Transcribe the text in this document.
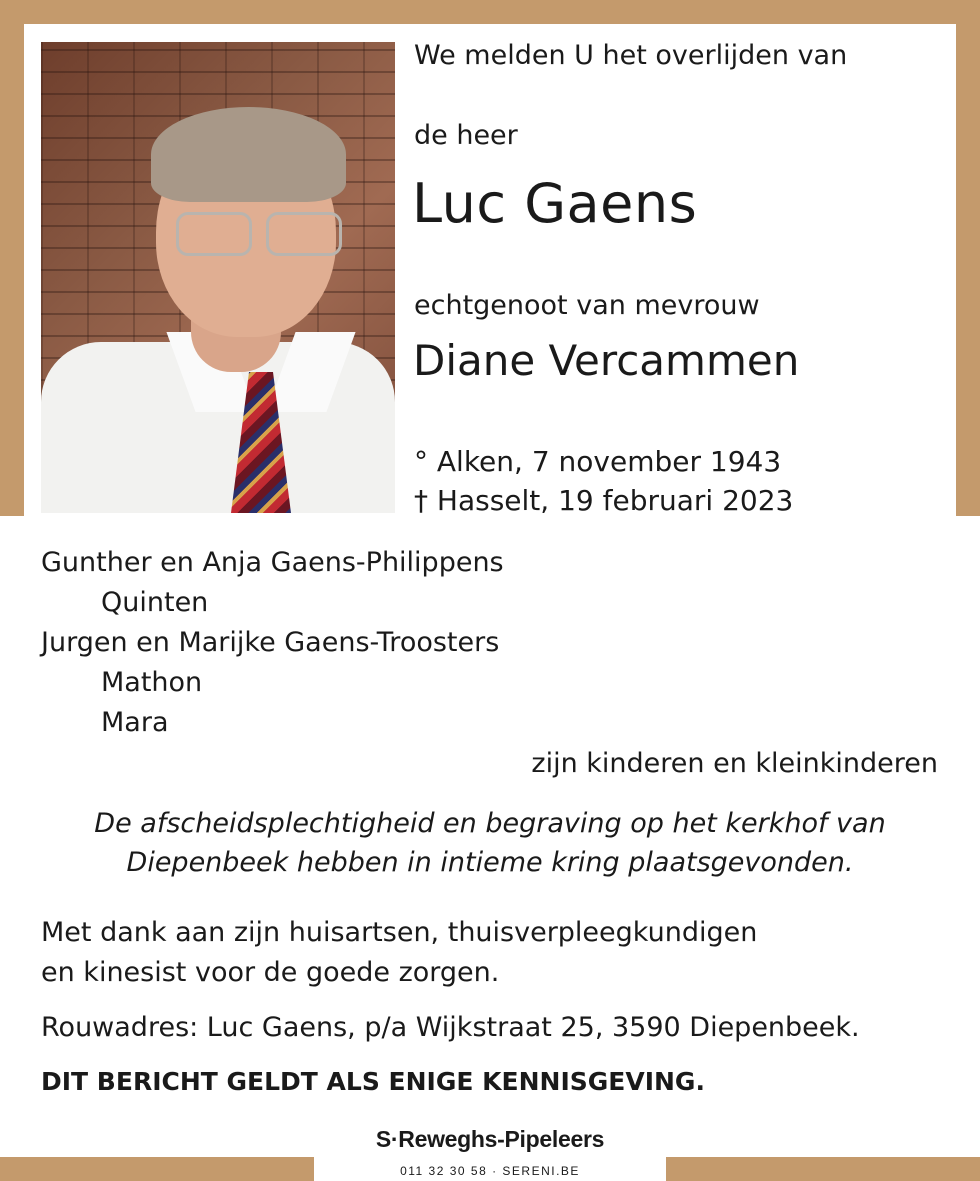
We melden U het overlijden van

de heer

Luc Gaens

echtgenoot van mevrouw

Diane Vercammen

° Alken, 7 november 1943

† Hasselt, 19 februari 2023

Gunther en Anja Gaens-Philippens

Quinten

Jurgen en Marijke Gaens-Troosters

Mathon

Mara

zijn kinderen en kleinkinderen

De afscheidsplechtigheid en begraving op het kerkhof van

Diepenbeek hebben in intieme kring plaatsgevonden.

Met dank aan zijn huisartsen, thuisverpleegkundigen

en kinesist voor de goede zorgen.

Rouwadres: Luc Gaens, p/a Wijkstraat 25, 3590 Diepenbeek.

DIT BERICHT GELDT ALS ENIGE KENNISGEVING.

S·Reweghs-Pipeleers

011 32 30 58 · SERENI.BE
